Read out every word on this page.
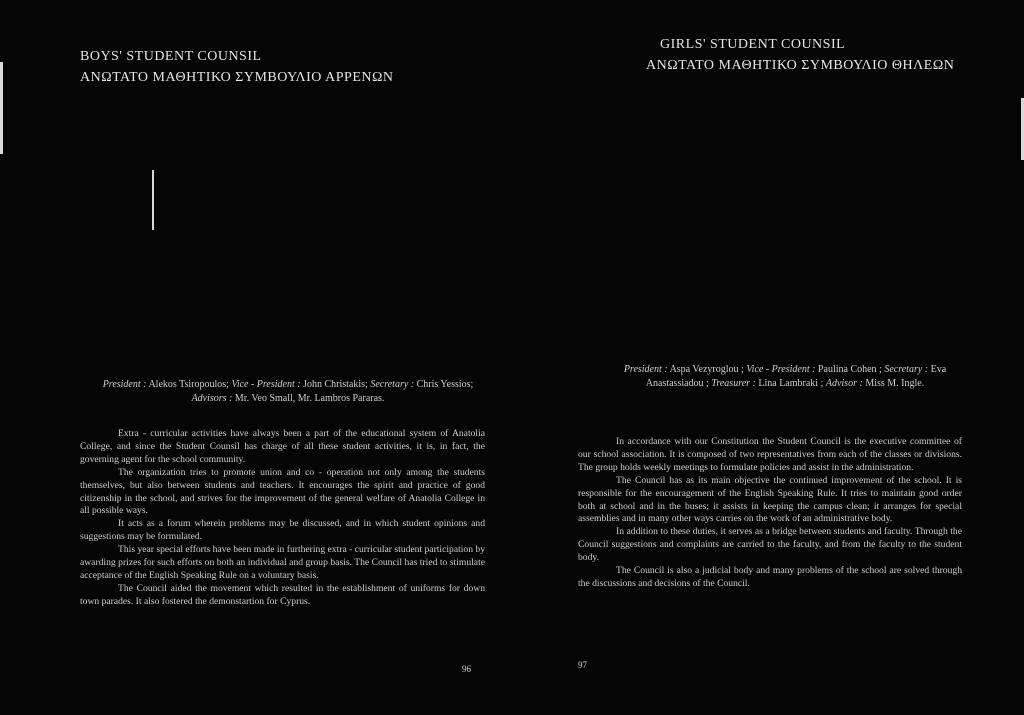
BOYS' STUDENT COUNSIL
ΑΝΩΤΑΤΟ ΜΑΘΗΤΙΚΟ ΣΥΜΒΟΥΛΙΟ ΑΡΡΕΝΩΝ
President : Alekos Tsiropoulos; Vice - President : John Christakis; Secretary : Chris Yessios; Advisors : Mr. Veo Small, Mr. Lambros Pararas.

Extra - curricular activities have always been a part of the educational system of Anatolia College, and since the Student Counsil has charge of all these student activities, it is, in fact, the governing agent for the school community.

The organization tries to promote union and co - operation not only among the students themselves, but also between students and teachers. It encourages the spirit and practice of good citizenship in the school, and strives for the improvement of the general welfare of Anatolia College in all possible ways.

It acts as a forum wherein problems may be discussed, and in which student opinions and suggestions may be formulated.

This year special efforts have been made in furthering extra - curricular student participation by awarding prizes for such efforts on both an individual and group basis. The Council has tried to stimulate acceptance of the English Speaking Rule on a voluntary basis.

The Council aided the movement which resulted in the establishment of uniforms for down town parades. It also fostered the demonstartion for Cyprus.

96
GIRLS' STUDENT COUNSIL
ΑΝΩΤΑΤΟ ΜΑΘΗΤΙΚΟ ΣΥΜΒΟΥΛΙΟ ΘΗΛΕΩΝ
President : Aspa Vezyroglou ; Vice - President : Paulina Cohen ; Secretary : Eva Anastassiadou ; Treasurer : Lina Lambraki ; Advisor : Miss M. Ingle.

In accordance with our Constitution the Student Council is the executive committee of our school association. It is composed of two representatives from each of the classes or divisions. The group holds weekly meetings to formulate policies and assist in the administration.

The Council has as its main objective the continued improvement of the school. It is responsible for the encouragement of the English Speaking Rule. It tries to maintain good order both at school and in the buses; it assists in keeping the campus clean; it arranges for special assemblies and in many other ways carries on the work of an administrative body.

In addition to these duties, it serves as a bridge between students and faculty. Through the Council suggestions and complaints are carried to the faculty, and from the faculty to the student body.

The Council is also a judicial body and many problems of the school are solved through the discussions and decisions of the Council.

97
